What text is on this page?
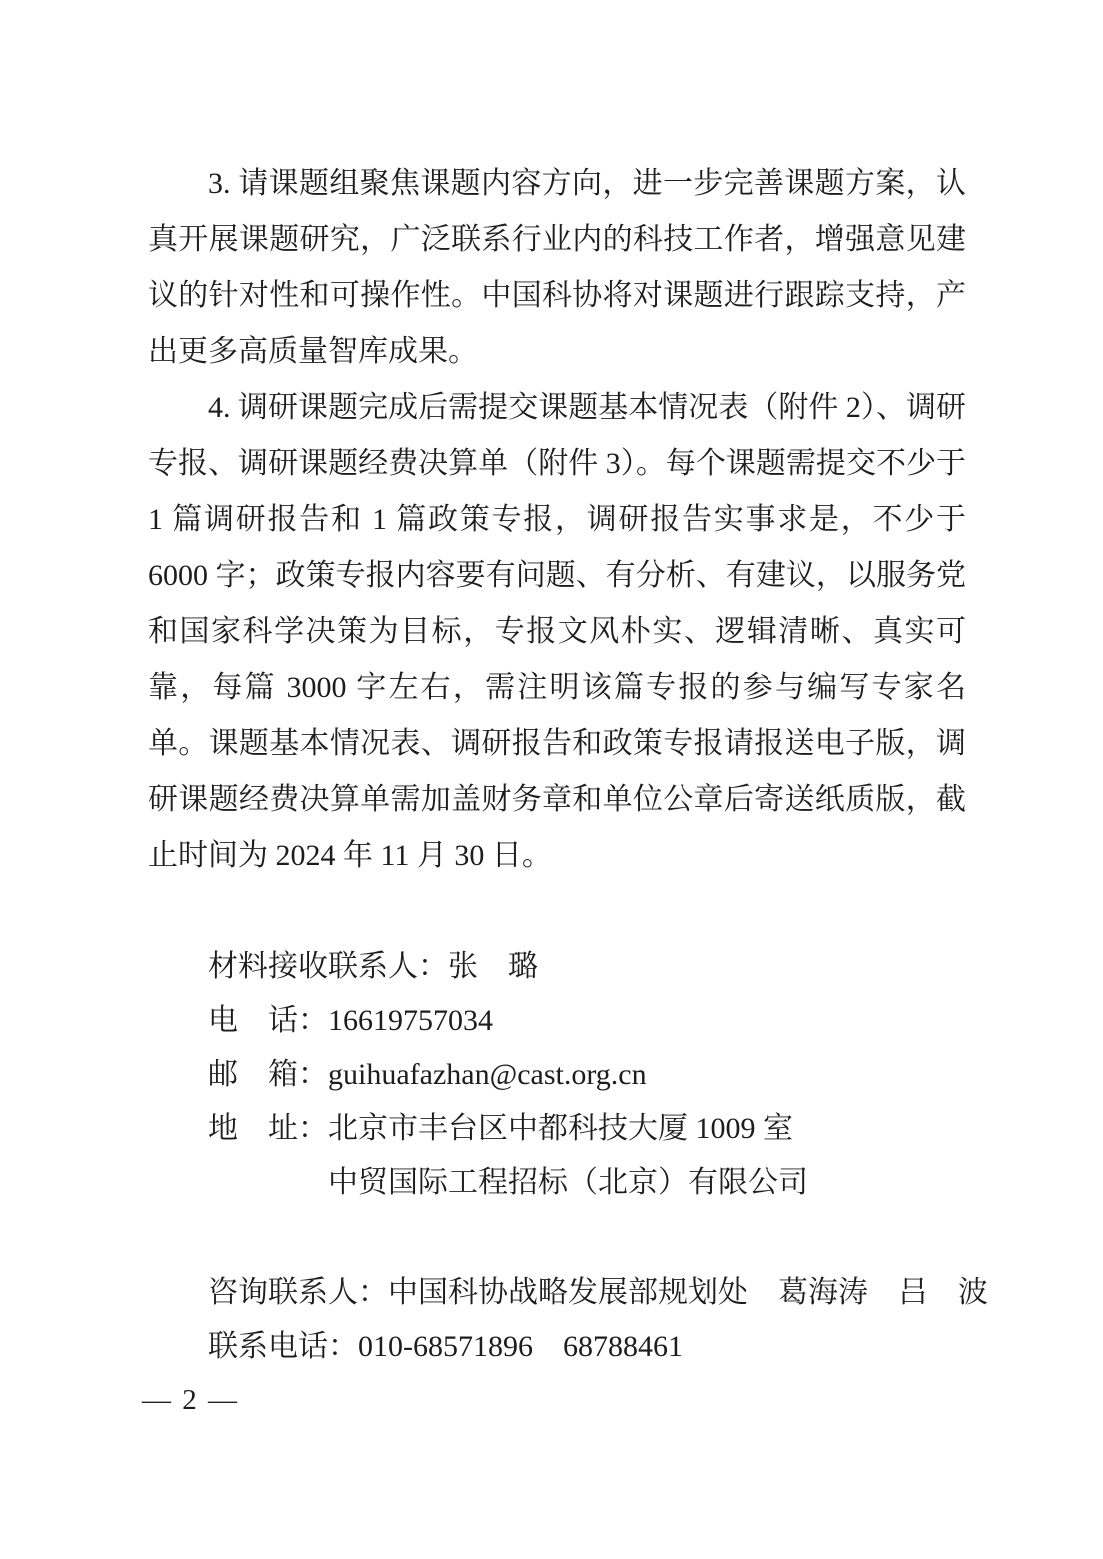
3. 请课题组聚焦课题内容方向，进一步完善课题方案，认真开展课题研究，广泛联系行业内的科技工作者，增强意见建议的针对性和可操作性。中国科协将对课题进行跟踪支持，产出更多高质量智库成果。

4. 调研课题完成后需提交课题基本情况表（附件 2）、调研专报、调研课题经费决算单（附件 3）。每个课题需提交不少于 1 篇调研报告和 1 篇政策专报，调研报告实事求是，不少于 6000 字；政策专报内容要有问题、有分析、有建议，以服务党和国家科学决策为目标，专报文风朴实、逻辑清晰、真实可靠，每篇 3000 字左右，需注明该篇专报的参与编写专家名单。课题基本情况表、调研报告和政策专报请报送电子版，调研课题经费决算单需加盖财务章和单位公章后寄送纸质版，截止时间为 2024 年 11 月 30 日。

材料接收联系人：张　璐

电　话：16619757034

邮　箱：guihuafazhan@cast.org.cn

地　址：北京市丰台区中都科技大厦 1009 室

中贸国际工程招标（北京）有限公司

咨询联系人：中国科协战略发展部规划处　葛海涛　吕　波

联系电话：010-68571896　68788461

— 2 —
